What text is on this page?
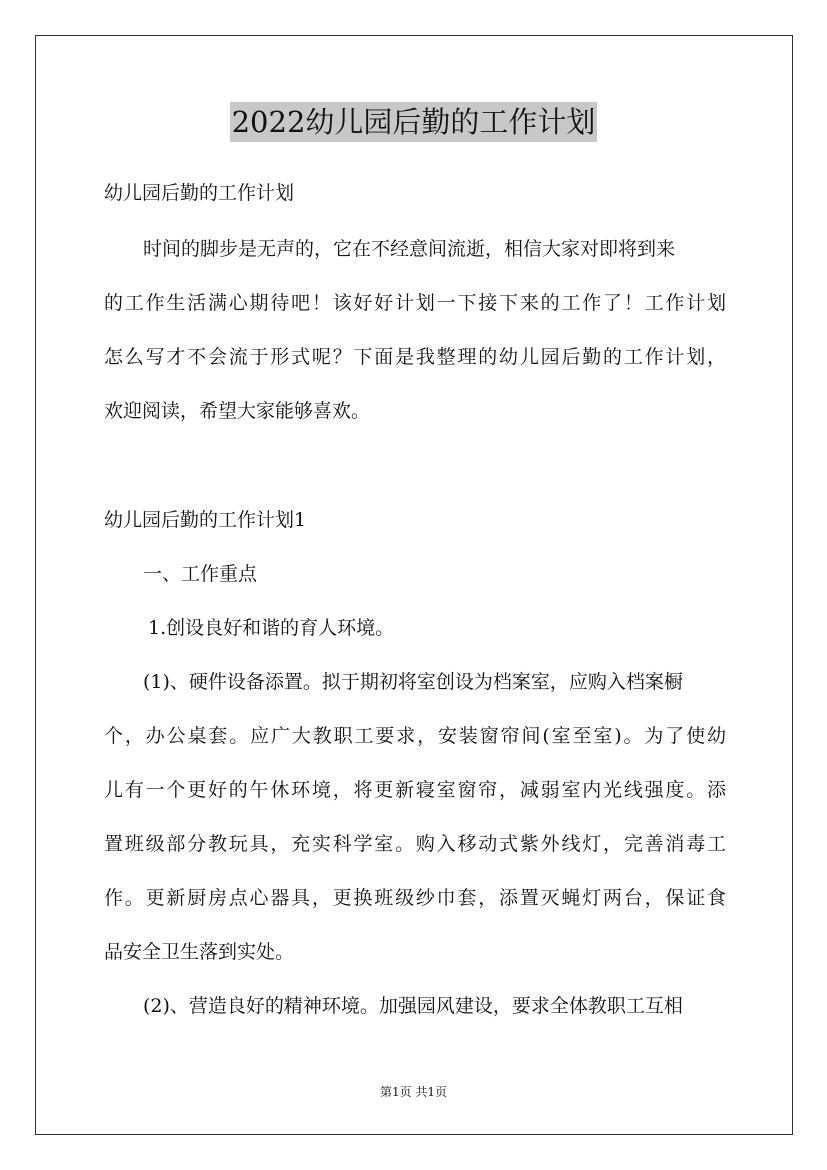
2022幼儿园后勤的工作计划
幼儿园后勤的工作计划
时间的脚步是无声的，它在不经意间流逝，相信大家对即将到来
的工作生活满心期待吧！该好好计划一下接下来的工作了！工作计划
怎么写才不会流于形式呢？下面是我整理的幼儿园后勤的工作计划，
欢迎阅读，希望大家能够喜欢。
幼儿园后勤的工作计划1
一、工作重点
1.创设良好和谐的育人环境。
(1)、硬件设备添置。拟于期初将室创设为档案室，应购入档案橱
个，办公桌套。应广大教职工要求，安装窗帘间(室至室)。为了使幼
儿有一个更好的午休环境，将更新寝室窗帘，减弱室内光线强度。添
置班级部分教玩具，充实科学室。购入移动式紫外线灯，完善消毒工
作。更新厨房点心器具，更换班级纱巾套，添置灭蝇灯两台，保证食
品安全卫生落到实处。
(2)、营造良好的精神环境。加强园风建设，要求全体教职工互相
第1页 共1页
